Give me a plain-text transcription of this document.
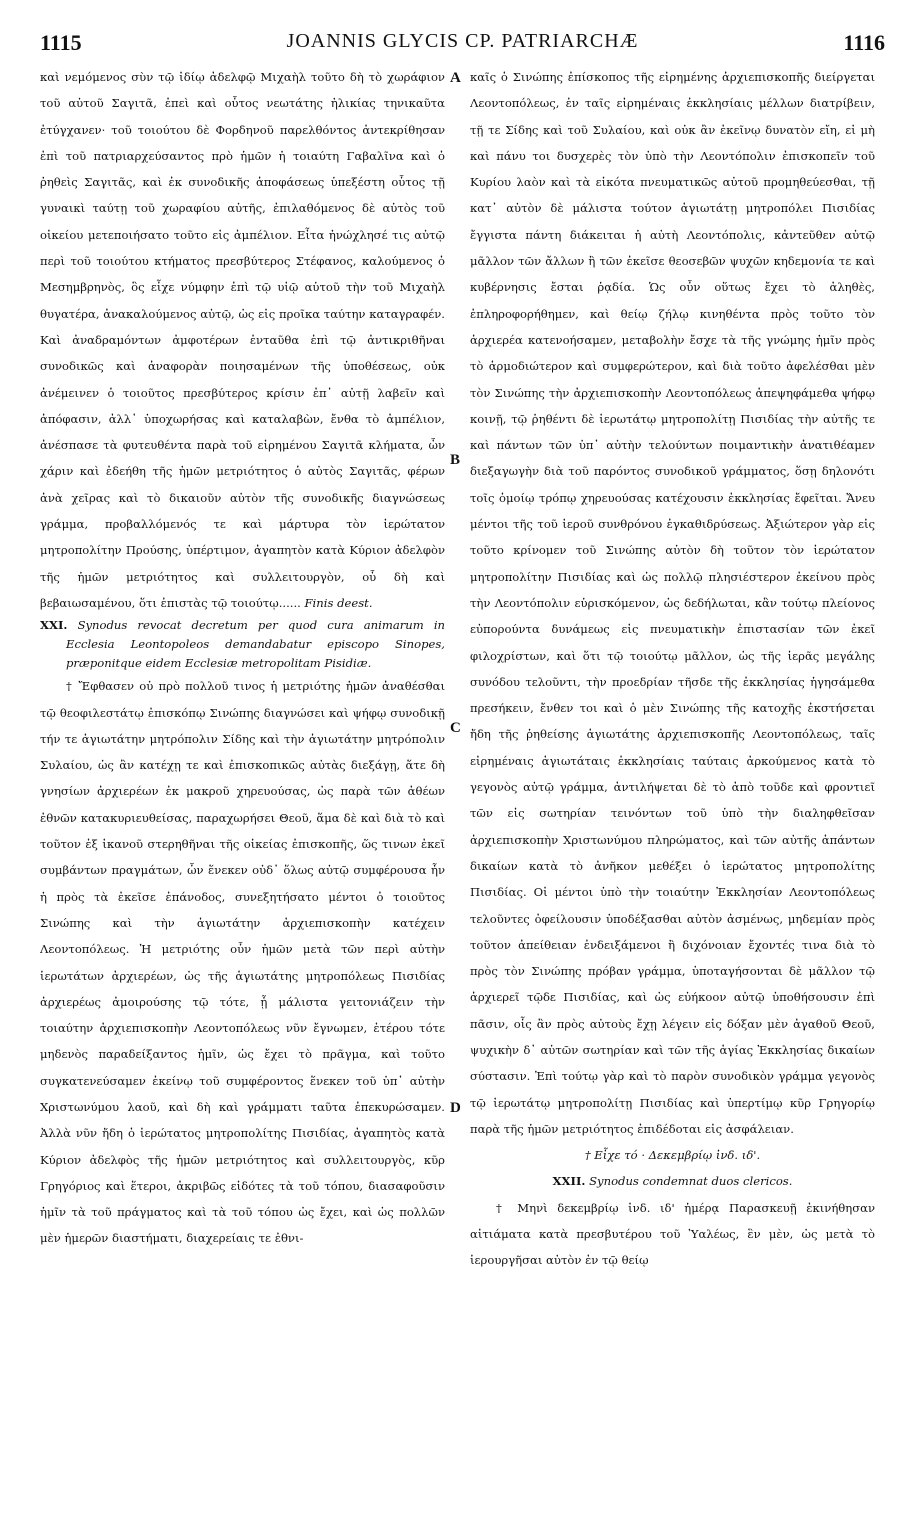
1115	JOANNIS GLYCIS CP. PATRIARCHÆ	1116

καὶ νεμόμενος σὺν τῷ ἰδίῳ ἀδελφῷ Μιχαὴλ τοῦτο δὴ τὸ χωράφιον τοῦ αὐτοῦ Σαγιτᾶ, ἐπεὶ καὶ οὗτος νεωτάτης ἡλικίας τηνικαῦτα ἐτύγχανεν· τοῦ τοιούτου δὲ Φορδηνοῦ παρελθόντος ἀντεκρίθησαν ἐπὶ τοῦ πατριαρχεύσαντος πρὸ ἡμῶν ἡ τοιαύτη Γαβαλῖνα καὶ ὁ ῥηθεὶς Σαγιτᾶς, καὶ ἐκ συνοδικῆς ἀποφάσεως ὑπεξέστη οὗτος τῇ γυναικὶ ταύτῃ τοῦ χωραφίου αὐτῆς, ἐπιλαθόμενος δὲ αὐτὸς τοῦ οἰκείου μετεποιήσατο τοῦτο εἰς ἀμπέλιον. Εἶτα ἠνώχλησέ τις αὐτῷ περὶ τοῦ τοιούτου κτήματος πρεσβύτερος Στέφανος, καλούμενος ὁ Μεσημβρηνὸς, ὃς εἶχε νύμφην ἐπὶ τῷ υἱῷ αὐτοῦ τὴν τοῦ Μιχαὴλ θυγατέρα, ἀνακαλούμενος αὐτῷ, ὡς εἰς προῖκα ταύτην καταγραφέν. Καὶ ἀναδραμόντων ἀμφοτέρων ἐνταῦθα ἐπὶ τῷ ἀντικριθῆναι συνοδικῶς καὶ ἀναφορὰν ποιησαμένων τῆς ὑποθέσεως, οὐκ ἀνέμεινεν ὁ τοιοῦτος πρεσβύτερος κρίσιν ἐπ᾿ αὐτῇ λαβεῖν καὶ ἀπόφασιν, ἀλλ᾿ ὑποχωρήσας καὶ καταλαβὼν, ἔνθα τὸ ἀμπέλιον, ἀνέσπασε τὰ φυτευθέντα παρὰ τοῦ εἰρημένου Σαγιτᾶ κλήματα, ὧν χάριν καὶ ἐδεήθη τῆς ἡμῶν μετριότητος ὁ αὐτὸς Σαγιτᾶς, φέρων ἀνὰ χεῖρας καὶ τὸ δικαιοῦν αὐτὸν τῆς συνοδικῆς διαγνώσεως γράμμα, προβαλλόμενός τε καὶ μάρτυρα τὸν ἱερώτατον μητροπολίτην Προύσης, ὑπέρτιμον, ἀγαπητὸν κατὰ Κύριον ἀδελφὸν τῆς ἡμῶν μετριότητος καὶ συλλειτουργὸν, οὗ δὴ καὶ βεβαιωσαμένου, ὅτι ἐπιστὰς τῷ τοιούτῳ...... Finis deest.

XXI. Synodus revocat decretum per quod cura animarum in Ecclesia Leontopoleos demandabatur episcopo Sinopes, præponitque eidem Ecclesiæ metropolitam Pisidiæ.

† Ἔφθασεν οὐ πρὸ πολλοῦ τινος ἡ μετριότης ἡμῶν ἀναθέσθαι τῷ θεοφιλεστάτῳ ἐπισκόπῳ Σινώπης διαγνώσει καὶ ψήφῳ συνοδικῇ τήν τε ἁγιωτάτην μητρόπολιν Σίδης καὶ τὴν ἁγιωτάτην μητρόπολιν Συλαίου, ὡς ἂν κατέχῃ τε καὶ ἐπισκοπικῶς αὐτὰς διεξάγῃ, ἅτε δὴ γνησίων ἀρχιερέων ἐκ μακροῦ χηρευούσας, ὡς παρὰ τῶν ἀθέων ἐθνῶν κατακυριευθείσας, παραχωρήσει Θεοῦ, ἅμα δὲ καὶ διὰ τὸ καὶ τοῦτον ἐξ ἱκανοῦ στερηθῆναι τῆς οἰκείας ἐπισκοπῆς, ὥς τινων ἐκεῖ συμβάντων πραγμάτων, ὧν ἕνεκεν οὐδ᾿ ὅλως αὐτῷ συμφέρουσα ἦν ἡ πρὸς τὰ ἐκεῖσε ἐπάνοδος, συνεξητήσατο μέντοι ὁ τοιοῦτος Σινώπης καὶ τὴν ἁγιωτάτην ἀρχιεπισκοπὴν κατέχειν Λεοντοπόλεως. Ἡ μετριότης οὖν ἡμῶν μετὰ τῶν περὶ αὐτὴν ἱερωτάτων ἀρχιερέων, ὡς τῆς ἁγιωτάτης μητροπόλεως Πισιδίας ἀρχιερέως ἀμοιρούσης τῷ τότε, ᾗ μάλιστα γειτονιάζειν τὴν τοιαύτην ἀρχιεπισκοπὴν Λεοντοπόλεως νῦν ἔγνωμεν, ἑτέρου τότε μηδενὸς παραδείξαντος ἡμῖν, ὡς ἔχει τὸ πρᾶγμα, καὶ τοῦτο συγκατενεύσαμεν ἐκείνῳ τοῦ συμφέροντος ἕνεκεν τοῦ ὑπ᾿ αὐτὴν Χριστωνύμου λαοῦ, καὶ δὴ καὶ γράμματι ταῦτα ἐπεκυρώσαμεν. Ἀλλὰ νῦν ἤδη ὁ ἱερώτατος μητροπολίτης Πισιδίας, ἀγαπητὸς κατὰ Κύριον ἀδελφὸς τῆς ἡμῶν μετριότητος καὶ συλλειτουργὸς, κῦρ Γρηγόριος καὶ ἕτεροι, ἀκριβῶς εἰδότες τὰ τοῦ τόπου, διασαφοῦσιν ἡμῖν τὰ τοῦ πράγματος καὶ τὰ τοῦ τόπου ὡς ἔχει, καὶ ὡς πολλῶν μὲν ἡμερῶν διαστήματι, διαχερείαις τε ἐθνι-

καῖς ὁ Σινώπης ἐπίσκοπος τῆς εἰρημένης ἀρχιεπισκοπῆς διείργεται Λεοντοπόλεως, ἐν ταῖς εἰρημέναις ἐκκλησίαις μέλλων διατρίβειν, τῇ τε Σίδης καὶ τοῦ Συλαίου, καὶ οὐκ ἂν ἐκεῖνῳ δυνατὸν εἴη, εἰ μὴ καὶ πάνυ τοι δυσχερὲς τὸν ὑπὸ τὴν Λεοντόπολιν ἐπισκοπεῖν τοῦ Κυρίου λαὸν καὶ τὰ εἰκότα πνευματικῶς αὐτοῦ προμηθεύεσθαι, τῇ κατ᾿ αὐτὸν δὲ μάλιστα τούτον ἁγιωτάτῃ μητροπόλει Πισιδίας ἔγγιστα πάντη διάκειται ἡ αὐτὴ Λεοντόπολις, κἀντεῦθεν αὐτῷ μᾶλλον τῶν ἄλλων ἢ τῶν ἐκεῖσε θεοσεβῶν ψυχῶν κηδεμονία τε καὶ κυβέρνησις ἔσται ῥᾳδία. Ὡς οὖν οὕτως ἔχει τὸ ἀληθὲς, ἐπληροφορήθημεν, καὶ θείῳ ζήλῳ κινηθέντα πρὸς τοῦτο τὸν ἀρχιερέα κατενοήσαμεν, μεταβολὴν ἔσχε τὰ τῆς γνώμης ἡμῖν πρὸς τὸ ἁρμοδιώτερον καὶ συμφερώτερον, καὶ διὰ τοῦτο ἀφελέσθαι μὲν τὸν Σινώπης τὴν ἀρχιεπισκοπὴν Λεοντοπόλεως ἀπεψηφάμεθα ψήφῳ κοινῇ, τῷ ῥηθέντι δὲ ἱερωτάτῳ μητροπολίτῃ Πισιδίας τὴν αὐτῆς τε καὶ πάντων τῶν ὑπ᾿ αὐτὴν τελούντων ποιμαντικὴν ἀνατιθέαμεν διεξαγωγὴν διὰ τοῦ παρόντος συνοδικοῦ γράμματος, ὅσῃ δηλονότι τοῖς ὁμοίῳ τρόπῳ χηρευούσας κατέχουσιν ἐκκλησίας ἔφεῖται. Ἄνευ μέντοι τῆς τοῦ ἱεροῦ συνθρόνου ἐγκαθιδρύσεως. Ἀξιώτερον γὰρ εἰς τοῦτο κρίνομεν τοῦ Σινώπης αὐτὸν δὴ τοῦτον τὸν ἱερώτατον μητροπολίτην Πισιδίας καὶ ὡς πολλῷ πλησιέστερον ἐκείνου πρὸς τὴν Λεοντόπολιν εὑρισκόμενον, ὡς δεδήλωται, κἂν τούτῳ πλείονος εὐπορούντα δυνάμεως εἰς πνευματικὴν ἐπιστασίαν τῶν ἐκεῖ φιλοχρίστων, καὶ ὅτι τῷ τοιούτῳ μᾶλλον, ὡς τῆς ἱερᾶς μεγάλης συνόδου τελοῦντι, τὴν προεδρίαν τῆσδε τῆς ἐκκλησίας ἡγησάμεθα πρεσήκειν, ἔνθεν τοι καὶ ὁ μὲν Σινώπης τῆς κατοχῆς ἐκστήσεται ἤδη τῆς ῥηθείσης ἁγιωτάτης ἀρχιεπισκοπῆς Λεοντοπόλεως, ταῖς εἰρημέναις ἁγιωτάταις ἐκκλησίαις ταύταις ἀρκούμενος κατὰ τὸ γεγονὸς αὐτῷ γράμμα, ἀντιλήψεται δὲ τὸ ἀπὸ τοῦδε καὶ φροντιεῖ τῶν εἰς σωτηρίαν τεινόντων τοῦ ὑπὸ τὴν διαληφθεῖσαν ἀρχιεπισκοπὴν Χριστωνύμου πληρώματος, καὶ τῶν αὐτῆς ἁπάντων δικαίων κατὰ τὸ ἀνῆκον μεθέξει ὁ ἱερώτατος μητροπολίτης Πισιδίας. Οἱ μέντοι ὑπὸ τὴν τοιαύτην Ἐκκλησίαν Λεοντοπόλεως τελοῦντες ὀφείλουσιν ὑποδέξασθαι αὐτὸν ἀσμένως, μηδεμίαν πρὸς τοῦτον ἀπείθειαν ἐνδειξάμενοι ἢ διχόνοιαν ἔχοντές τινα διὰ τὸ πρὸς τὸν Σινώπης πρόβαν γράμμα, ὑποταγήσονται δὲ μᾶλλον τῷ ἀρχιερεῖ τῷδε Πισιδίας, καὶ ὡς εὐήκοον αὐτῷ ὑποθήσουσιν ἐπὶ πᾶσιν, οἷς ἂν πρὸς αὐτοὺς ἔχῃ λέγειν εἰς δόξαν μὲν ἀγαθοῦ Θεοῦ, ψυχικὴν δ᾿ αὐτῶν σωτηρίαν καὶ τῶν τῆς ἁγίας Ἐκκλησίας δικαίων σύστασιν. Ἐπὶ τούτῳ γὰρ καὶ τὸ παρὸν συνοδικὸν γράμμα γεγονὸς τῷ ἱερωτάτῳ μητροπολίτῃ Πισιδίας καὶ ὑπερτίμῳ κῦρ Γρηγορίῳ παρὰ τῆς ἡμῶν μετριότητος ἐπιδέδοται εἰς ἀσφάλειαν.

† Εἶχε τό · Δεκεμβρίῳ ἰνδ. ιδ'.

XXII. Synodus condemnat duos clericos.

† Μηνὶ δεκεμβρίῳ ἰνδ. ιδ' ἡμέρᾳ Παρασκευῇ ἐκινήθησαν αἰτιάματα κατὰ πρεσβυτέρου τοῦ Ὑαλέως, ἓν μὲν, ὡς μετὰ τὸ ἱερουργῆσαι αὐτὸν ἐν τῷ θείῳ

A
B
C
D
